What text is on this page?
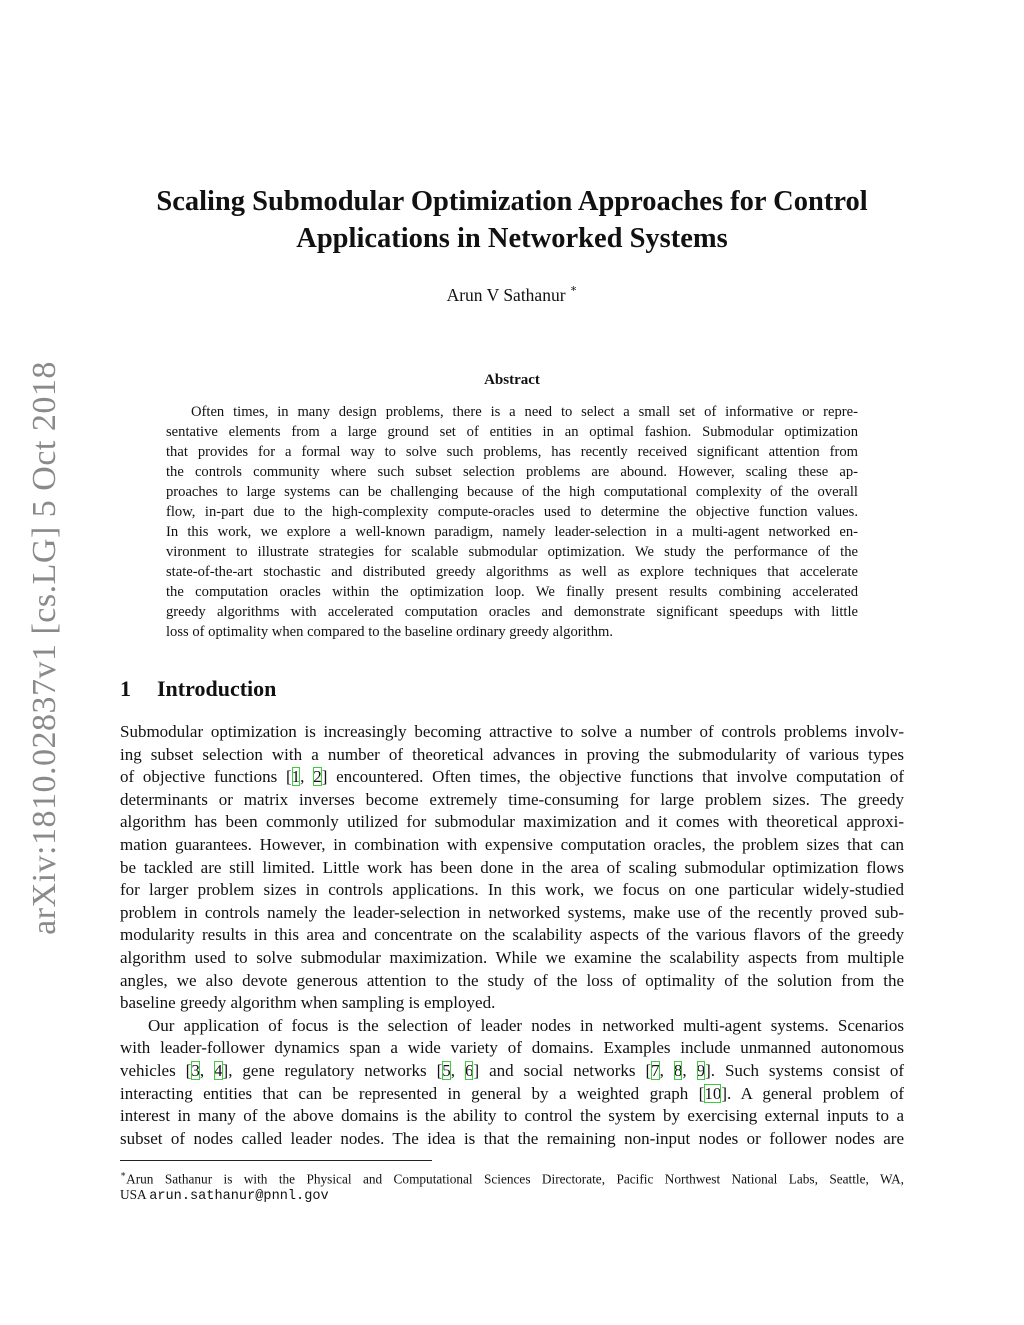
arXiv:1810.02837v1 [cs.LG] 5 Oct 2018
Scaling Submodular Optimization Approaches for Control
Applications in Networked Systems
Arun V Sathanur ∗
Abstract
Often times, in many design problems, there is a need to select a small set of informative or repre-
sentative elements from a large ground set of entities in an optimal fashion. Submodular optimization
that provides for a formal way to solve such problems, has recently received significant attention from
the controls community where such subset selection problems are abound. However, scaling these ap-
proaches to large systems can be challenging because of the high computational complexity of the overall
flow, in-part due to the high-complexity compute-oracles used to determine the objective function values.
In this work, we explore a well-known paradigm, namely leader-selection in a multi-agent networked en-
vironment to illustrate strategies for scalable submodular optimization. We study the performance of the
state-of-the-art stochastic and distributed greedy algorithms as well as explore techniques that accelerate
the computation oracles within the optimization loop. We finally present results combining accelerated
greedy algorithms with accelerated computation oracles and demonstrate significant speedups with little
loss of optimality when compared to the baseline ordinary greedy algorithm.
1 Introduction
Submodular optimization is increasingly becoming attractive to solve a number of controls problems involv-
ing subset selection with a number of theoretical advances in proving the submodularity of various types
of objective functions [1, 2] encountered. Often times, the objective functions that involve computation of
determinants or matrix inverses become extremely time-consuming for large problem sizes. The greedy
algorithm has been commonly utilized for submodular maximization and it comes with theoretical approxi-
mation guarantees. However, in combination with expensive computation oracles, the problem sizes that can
be tackled are still limited. Little work has been done in the area of scaling submodular optimization flows
for larger problem sizes in controls applications. In this work, we focus on one particular widely-studied
problem in controls namely the leader-selection in networked systems, make use of the recently proved sub-
modularity results in this area and concentrate on the scalability aspects of the various flavors of the greedy
algorithm used to solve submodular maximization. While we examine the scalability aspects from multiple
angles, we also devote generous attention to the study of the loss of optimality of the solution from the
baseline greedy algorithm when sampling is employed.
Our application of focus is the selection of leader nodes in networked multi-agent systems. Scenarios
with leader-follower dynamics span a wide variety of domains. Examples include unmanned autonomous
vehicles [3, 4], gene regulatory networks [5, 6] and social networks [7, 8, 9]. Such systems consist of
interacting entities that can be represented in general by a weighted graph [10]. A general problem of
interest in many of the above domains is the ability to control the system by exercising external inputs to a
subset of nodes called leader nodes. The idea is that the remaining non-input nodes or follower nodes are
∗Arun Sathanur is with the Physical and Computational Sciences Directorate, Pacific Northwest National Labs, Seattle, WA,
USA arun.sathanur@pnnl.gov
